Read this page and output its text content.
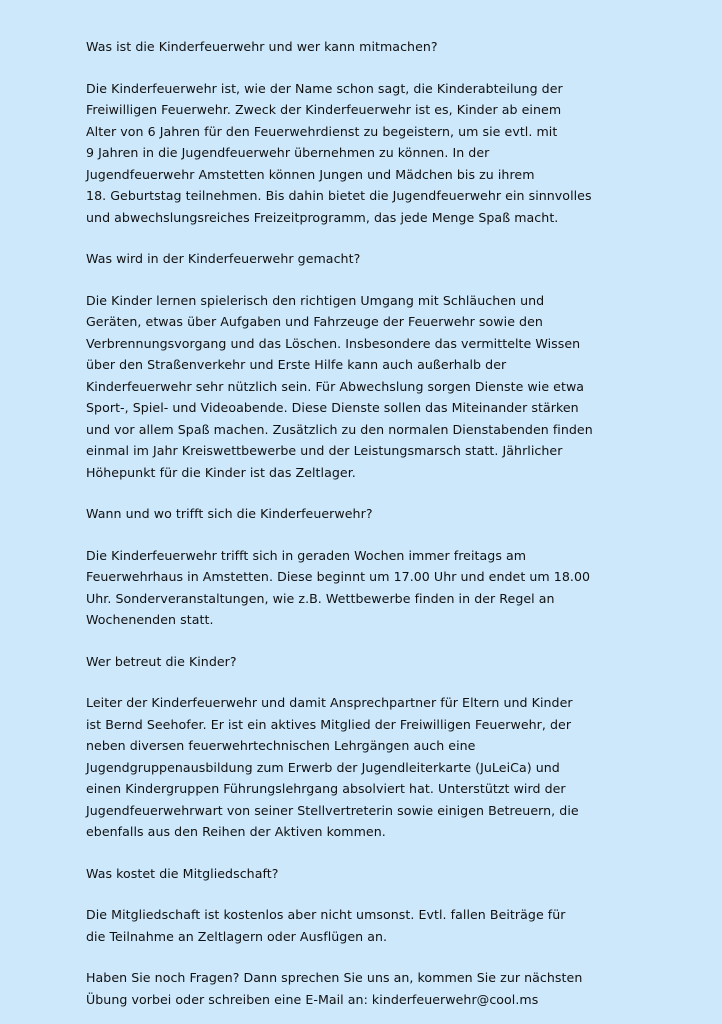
Was ist die Kinderfeuerwehr und wer kann mitmachen?
Die Kinderfeuerwehr ist, wie der Name schon sagt, die Kinderabteilung der
Freiwilligen Feuerwehr. Zweck der Kinderfeuerwehr ist es, Kinder ab einem
Alter von 6 Jahren für den Feuerwehrdienst zu begeistern, um sie evtl. mit
9 Jahren in die Jugendfeuerwehr übernehmen zu können. In der
Jugendfeuerwehr Amstetten können Jungen und Mädchen bis zu ihrem
18. Geburtstag teilnehmen. Bis dahin bietet die Jugendfeuerwehr ein sinnvolles
und abwechslungsreiches Freizeitprogramm, das jede Menge Spaß macht.
Was wird in der Kinderfeuerwehr gemacht?
Die Kinder lernen spielerisch den richtigen Umgang mit Schläuchen und
Geräten, etwas über Aufgaben und Fahrzeuge der Feuerwehr sowie den
Verbrennungsvorgang und das Löschen. Insbesondere das vermittelte Wissen
über den Straßenverkehr und Erste Hilfe kann auch außerhalb der
Kinderfeuerwehr sehr nützlich sein. Für Abwechslung sorgen Dienste wie etwa
Sport-, Spiel- und Videoabende. Diese Dienste sollen das Miteinander stärken
und vor allem Spaß machen. Zusätzlich zu den normalen Dienstabenden finden
einmal im Jahr Kreiswettbewerbe und der Leistungsmarsch statt. Jährlicher
Höhepunkt für die Kinder ist das Zeltlager.
Wann und wo trifft sich die Kinderfeuerwehr?
Die Kinderfeuerwehr trifft sich in geraden Wochen immer freitags am
Feuerwehrhaus in Amstetten. Diese beginnt um 17.00 Uhr und endet um 18.00
Uhr. Sonderveranstaltungen, wie z.B. Wettbewerbe finden in der Regel an
Wochenenden statt.
Wer betreut die Kinder?
Leiter der Kinderfeuerwehr und damit Ansprechpartner für Eltern und Kinder
ist Bernd Seehofer. Er ist ein aktives Mitglied der Freiwilligen Feuerwehr, der
neben diversen feuerwehrtechnischen Lehrgängen auch eine
Jugendgruppenausbildung zum Erwerb der Jugendleiterkarte (JuLeiCa) und
einen Kindergruppen Führungslehrgang absolviert hat. Unterstützt wird der
Jugendfeuerwehrwart von seiner Stellvertreterin sowie einigen Betreuern, die
ebenfalls aus den Reihen der Aktiven kommen.
Was kostet die Mitgliedschaft?
Die Mitgliedschaft ist kostenlos aber nicht umsonst. Evtl. fallen Beiträge für
die Teilnahme an Zeltlagern oder Ausflügen an.
Haben Sie noch Fragen? Dann sprechen Sie uns an, kommen Sie zur nächsten
Übung vorbei oder schreiben eine E-Mail an: kinderfeuerwehr@cool.ms
